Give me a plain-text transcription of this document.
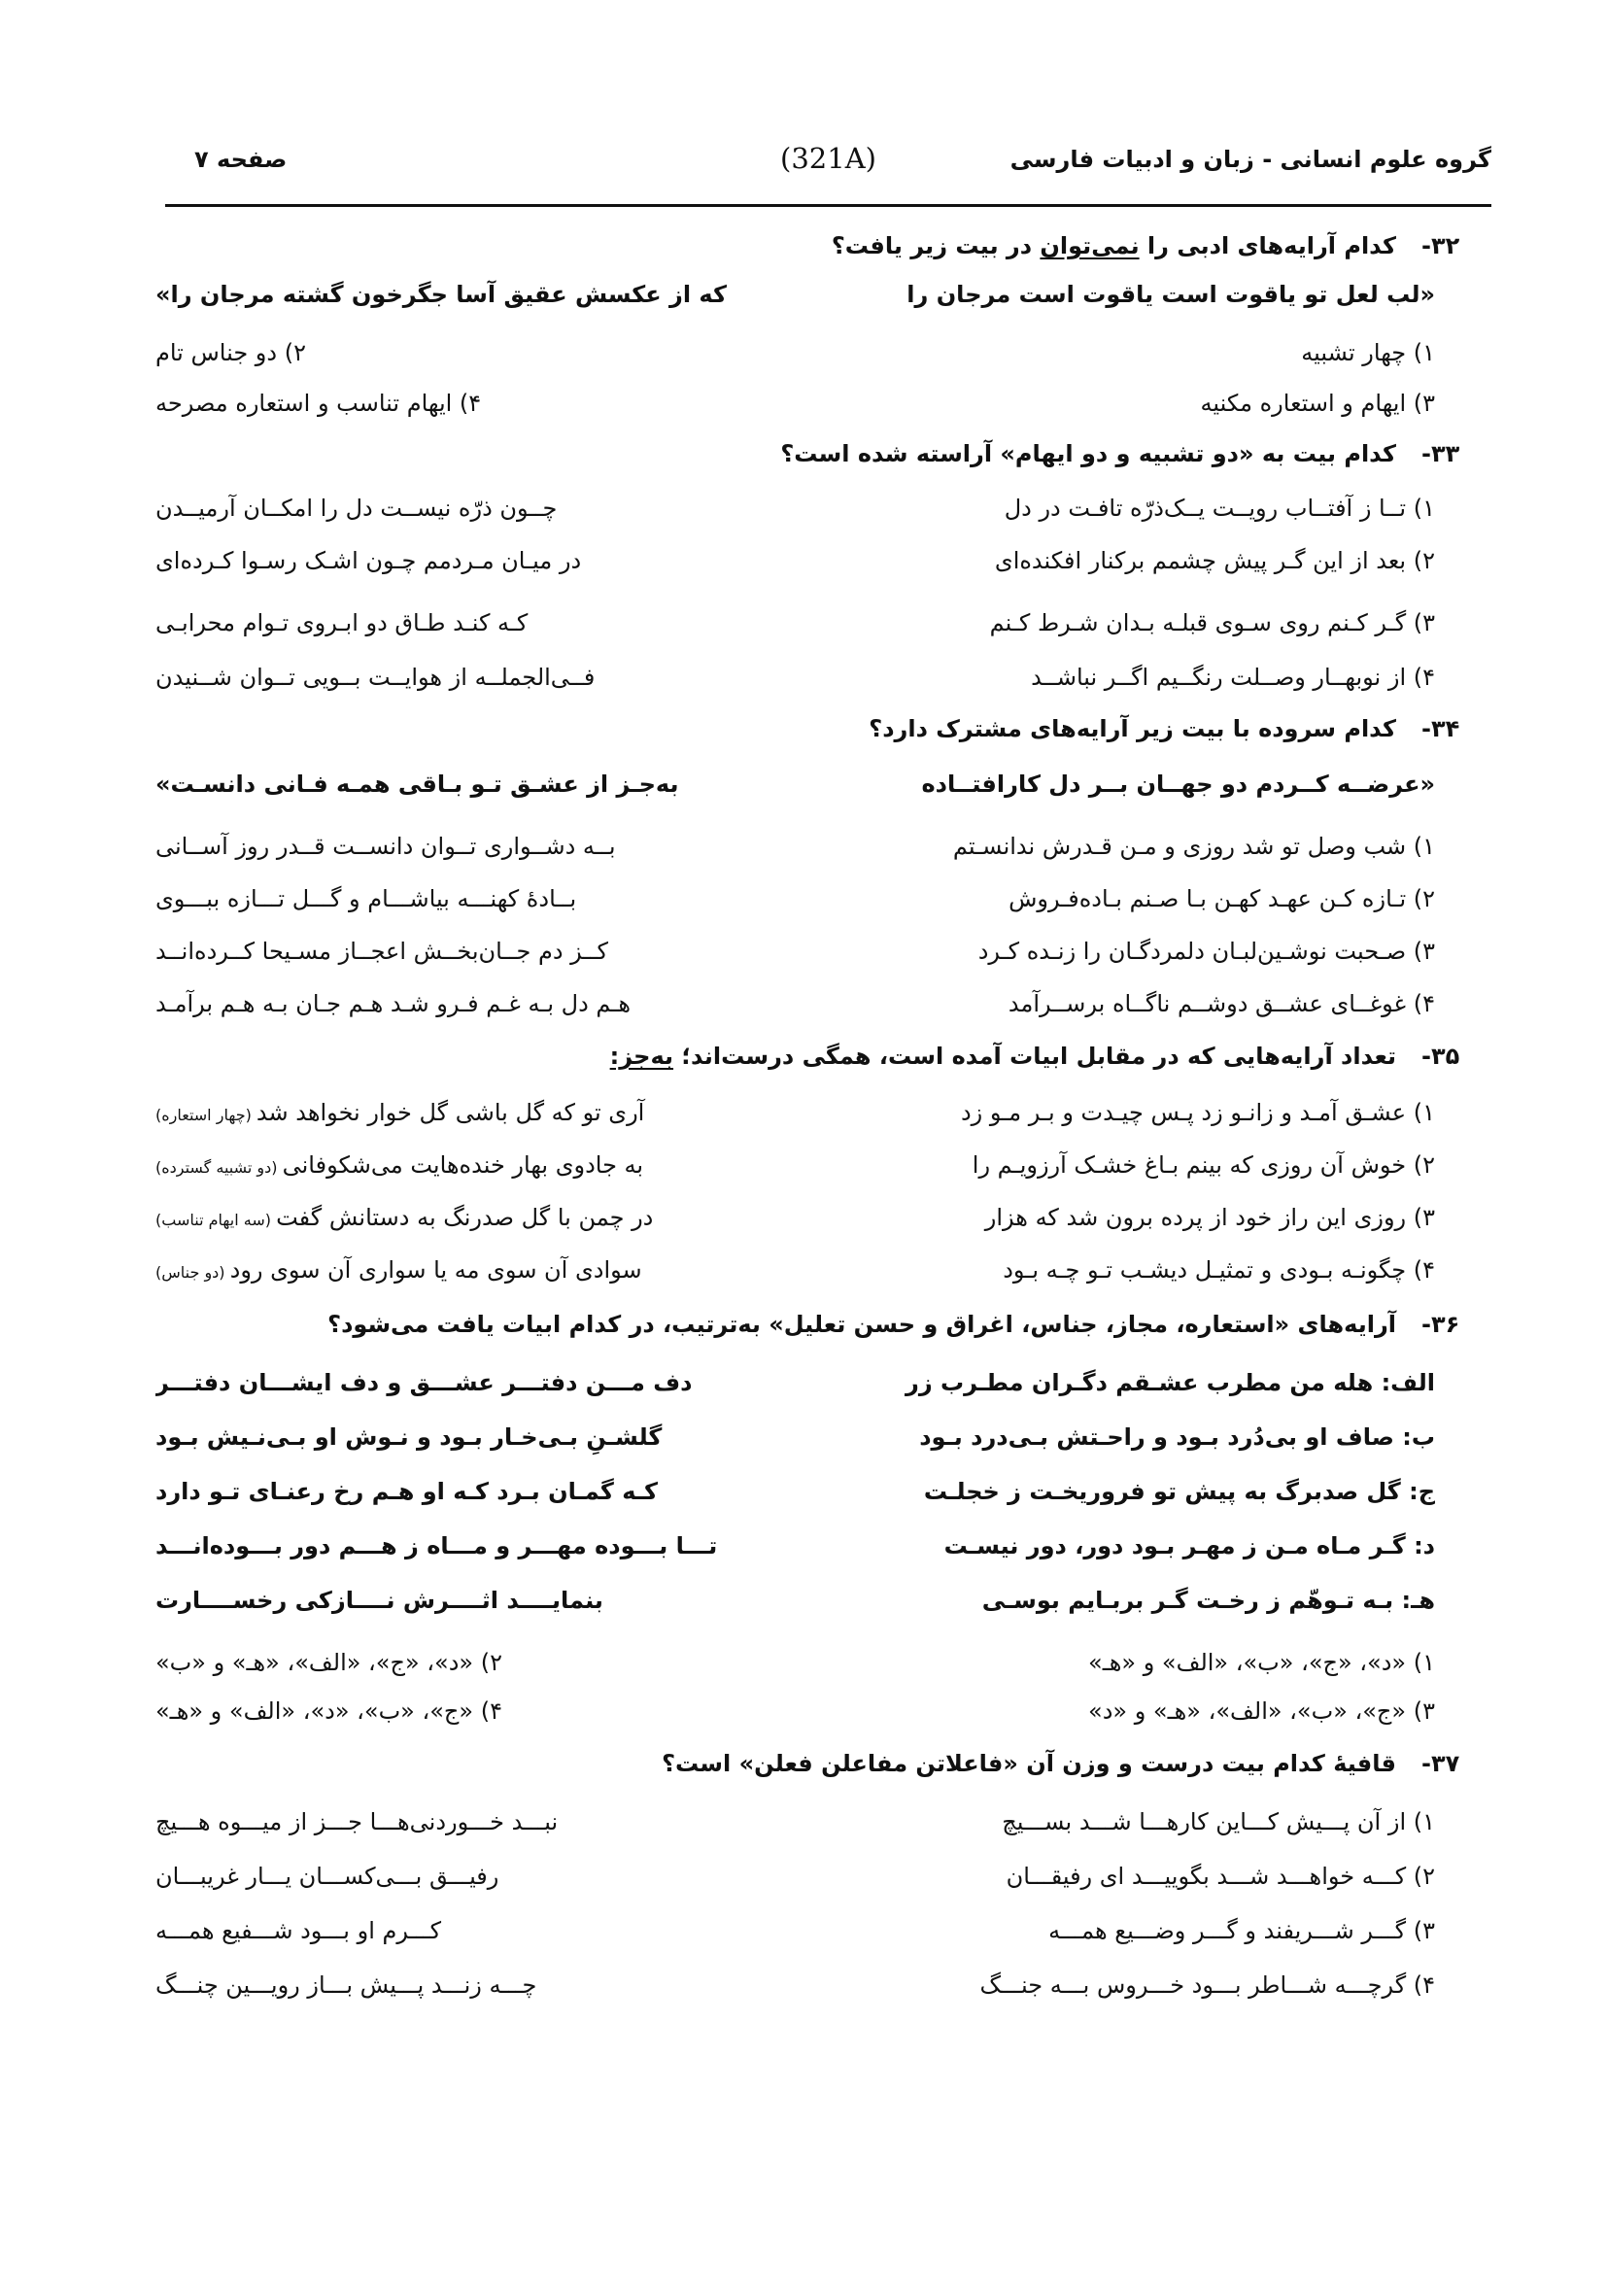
صفحه ۷	(321A)	گروه علوم انسانی - زبان و ادبیات فارسی
۳۲-
کدام آرایه‌های ادبی را نمی‌توان در بیت زیر یافت؟
«لب لعل تو یاقوت است یاقوت است مرجان را
که از عکسش عقیق آسا جگرخون گشته مرجان را»
۱) چهار تشبیه
۲) دو جناس تام
۳) ایهام و استعاره مکنیه
۴) ایهام تناسب و استعاره مصرحه
۳۳-
کدام بیت به «دو تشبیه و دو ایهام» آراسته شده است؟
۱) تــا ز آفتــاب رویــت یــک‌ذرّه تافـت در دل
چــون ذرّه نیســت دل را امکــان آرمیــدن
۲) بعد از این گـر پیش چشمم برکنار افکنده‌ای
در میـان مـردمم چـون اشـک رسـوا کـرده‌ای
۳) گـر کـنم روی سـوی قبلـه بـدان شـرط کـنم
کـه کنـد طـاق دو ابـروی تـوام محرابـی
۴) از نوبهــار وصــلت رنگــیم اگــر نباشــد
فــی‌الجملــه از هوایــت بــویی تــوان شــنیدن
۳۴-
کدام سروده با بیت زیر آرایه‌های مشترک دارد؟
«عرضــه کــردم دو جهــان بــر دل کارافتــاده
به‌جـز از عشـق تـو بـاقی همـه فـانی دانسـت»
۱) شب وصل تو شد روزی و مـن قـدرش ندانسـتم
بــه دشــواری تــوان دانســت قــدر روز آســانی
۲) تـازه کـن عهـد کهـن بـا صـنم بـاده‌فـروش
بــادهٔ کهنـــه بیاشـــام و گـــل تـــازه ببـــوی
۳) صـحبت نوشـین‌لبـان دلمردگـان را زنـده کـرد
کــز دم جــان‌بخــش اعجــاز مسـیحا کــرده‌انــد
۴) غوغــای عشــق دوشــم ناگــاه برســرآمد
هـم دل بـه غـم فـرو شـد هـم جـان بـه هـم برآمـد
۳۵-
تعداد آرایه‌هایی که در مقابل ابیات آمده است، همگی درست‌اند؛ به‌جز:
۱) عشـق آمـد و زانـو زد پـس چیـدت و بـر مـو زد
آری تو که گل باشی گل خوار نخواهد شد (چهار استعاره)
۲) خوش آن روزی که بینم بـاغ خشـک آرزویـم را
به جادوی بهار خنده‌هایت می‌شکوفانی (دو تشبیه گسترده)
۳) روزی این راز خود از پرده برون شد که هزار
در چمن با گل صدرنگ به دستانش گفت (سه ایهام تناسب)
۴) چگونـه بـودی و تمثیـل دیشـب تـو چـه بـود
سوادی آن سوی مه یا سواری آن سوی رود (دو جناس)
۳۶-
آرایه‌های «استعاره، مجاز، جناس، اغراق و حسن تعلیل» به‌ترتیب، در کدام ابیات یافت می‌شود؟
الف: هله من مطرب عشـقم دگـران مطـرب زر
دف مـــن دفتـــر عشـــق و دف ایشـــان دفتـــر
ب: صاف او بی‌دُرد بـود و راحـتش بـی‌درد بـود
گلشـنِ بـی‌خـار بـود و نـوش او بـی‌نـیش بـود
ج: گل صدبرگ به پیش تو فروریخـت ز خجلـت
کـه گمـان بـرد کـه او هـم رخ رعنـای تـو دارد
د: گـر مـاه مـن ز مهـر بـود دور، دور نیسـت
تـــا بـــوده مهـــر و مـــاه ز هـــم دور بـــوده‌انـــد
هـ: بـه تـوهّم ز رخـت گـر بربـایم بوسـی
بنمایــــد اثــــرش نــــازکی رخســــارت
۱) «د»، «ج»، «ب»، «الف» و «هـ»
۲) «د»، «ج»، «الف»، «هـ» و «ب»
۳) «ج»، «ب»، «الف»، «هـ» و «د»
۴) «ج»، «ب»، «د»، «الف» و «هـ»
۳۷-
قافیهٔ کدام بیت درست و وزن آن «فاعلاتن مفاعلن فعلن» است؟
۱) از آن پـــیش کـــاین کارهـــا شـــد بســـیچ
نبـــد خـــوردنی‌هـــا جـــز از میـــوه هـــیچ
۲) کـــه خواهـــد شـــد بگوییـــد ای رفیقـــان
رفیـــق بـــی‌کســـان یـــار غریبـــان
۳) گـــر شـــریفند و گـــر وضـــیع همـــه
کـــرم او بـــود شـــفیع همـــه
۴) گرچـــه شـــاطر بـــود خـــروس بـــه جنـــگ
چـــه زنـــد پـــیش بـــاز رویـــین چنـــگ
